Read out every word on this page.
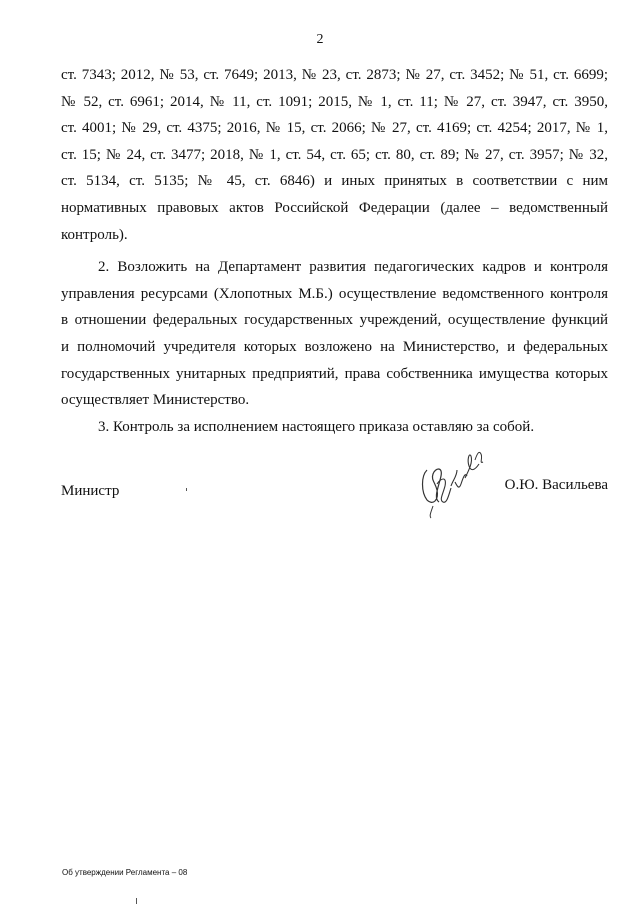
2

ст. 7343; 2012, № 53, ст. 7649; 2013, № 23, ст. 2873; № 27, ст. 3452; № 51, ст. 6699;
№ 52, ст. 6961; 2014, № 11, ст. 1091; 2015, № 1, ст. 11; № 27, ст. 3947, ст. 3950,
ст. 4001; № 29, ст. 4375; 2016, № 15, ст. 2066; № 27, ст. 4169; ст. 4254; 2017, № 1,
ст. 15; № 24, ст. 3477; 2018, № 1, ст. 54, ст. 65; ст. 80, ст. 89; № 27, ст. 3957; № 32,
ст. 5134, ст. 5135; № 45, ст. 6846) и иных принятых в соответствии с ним
нормативных правовых актов Российской Федерации (далее – ведомственный
контроль).

2. Возложить на Департамент развития педагогических кадров и контроля
управления ресурсами (Хлопотных М.Б.) осуществление ведомственного контроля
в отношении федеральных государственных учреждений, осуществление функций
и полномочий учредителя которых возложено на Министерство, и федеральных
государственных унитарных предприятий, права собственника имущества которых
осуществляет Министерство.

3. Контроль за исполнением настоящего приказа оставляю за собой.

Министр	О.Ю. Васильева
Об утверждении Регламента – 08
